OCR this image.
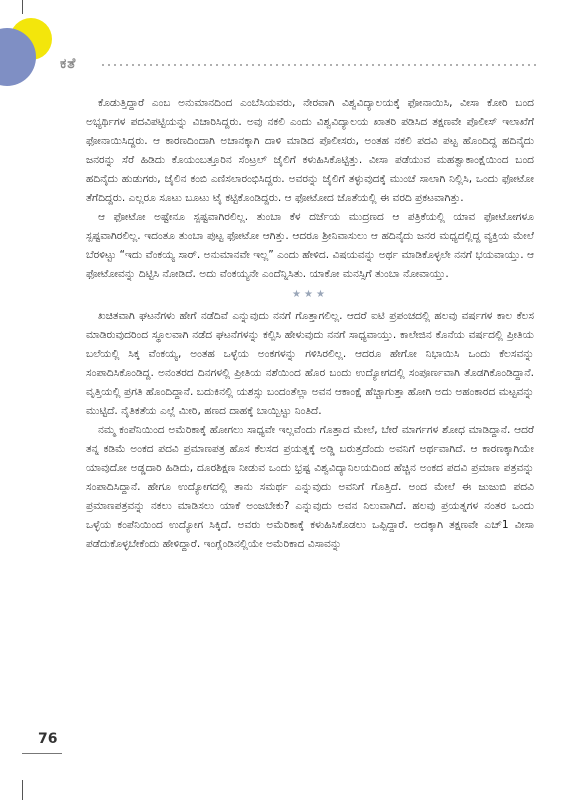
ಕತೆ

ಕೊಡುತ್ತಿದ್ದಾರೆ ಎಂಬ ಅನುಮಾನದಿಂದ ಎಂಬೆಸಿಯವರು, ನೇರವಾಗಿ ವಿಶ್ವವಿದ್ಯಾಲಯಕ್ಕೆ ಫೋನಾಯಿಸಿ, ವೀಸಾ ಕೋರಿ ಬಂದ ಅಭ್ಯರ್ಥಿಗಳ ಪದವಿಪಟ್ಟಿಯನ್ನು ವಿಚಾರಿಸಿದ್ದರು. ಅವು ನಕಲಿ ಎಂದು ವಿಶ್ವವಿದ್ಯಾಲಯ ಖಾತರಿ ಪಡಿಸಿದ ತಕ್ಷಣವೇ ಪೊಲೀಸ್ ಇಲಾಖೆಗೆ ಫೋನಾಯಿಸಿದ್ದರು. ಆ ಕಾರಣದಿಂದಾಗಿ ಅಚಾನಕ್ಕಾಗಿ ದಾಳಿ ಮಾಡಿದ ಪೊಲೀಸರು, ಅಂತಹ ನಕಲಿ ಪದವಿ ಪಟ್ಟ ಹೊಂದಿದ್ದ ಹದಿನೈದು ಜನರನ್ನು ಸೆರೆ ಹಿಡಿದು ಕೊಯಂಬತ್ತೂರಿನ ಸೆಂಟ್ರಲ್ ಜೈಲಿಗೆ ಕಳುಹಿಸಿಕೊಟ್ಟಿತ್ತು. ವೀಸಾ ಪಡೆಯುವ ಮಹತ್ವಾಕಾಂಕ್ಷೆಯಿಂದ ಬಂದ ಹದಿನೈದು ಹುಡುಗರು, ಜೈಲಿನ ಕಂಬಿ ಎಣಿಸಲಾರಂಭಿಸಿದ್ದರು. ಅವರನ್ನು ಜೈಲಿಗೆ ತಳ್ಳುವುದಕ್ಕೆ ಮುಂಚೆ ಸಾಲಾಗಿ ನಿಲ್ಲಿಸಿ, ಒಂದು ಫೋಟೋ ತೆಗೆದಿದ್ದರು. ಎಲ್ಲರೂ ಸೂಟು ಬೂಟು ಟೈ ಕಟ್ಟಿಕೊಂಡಿದ್ದರು. ಆ ಫೋಟೋದ ಜೊತೆಯಲ್ಲಿ ಈ ವರದಿ ಪ್ರಕಟವಾಗಿತ್ತು.

ಆ ಫೋಟೋ ಅಷ್ಟೇನೂ ಸ್ಪಷ್ಟವಾಗಿರಲಿಲ್ಲ. ತುಂಬಾ ಕೆಳ ದರ್ಜೆಯ ಮುದ್ರಣದ ಆ ಪತ್ರಿಕೆಯಲ್ಲಿ ಯಾವ ಫೋಟೋಗಳೂ ಸ್ಪಷ್ಟವಾಗಿರಲಿಲ್ಲ. ಇದಂತೂ ತುಂಬಾ ಪುಟ್ಟ ಫೋಟೋ ಆಗಿತ್ತು. ಆದರೂ ಶ್ರೀನಿವಾಸುಲು ಆ ಹದಿನೈದು ಜನರ ಮಧ್ಯದಲ್ಲಿದ್ದ ವ್ಯಕ್ತಿಯ ಮೇಲೆ ಬೆರಳಿಟ್ಟು “ಇದು ವೆಂಕಯ್ಯ ಸಾರ್. ಅನುಮಾನವೇ ಇಲ್ಲ” ಎಂದು ಹೇಳಿದ. ವಿಷಯವನ್ನು ಅರ್ಥ ಮಾಡಿಕೊಳ್ಳಲೇ ನನಗೆ ಭಯವಾಯ್ತು. ಆ ಫೋಟೋವನ್ನು ದಿಟ್ಟಿಸಿ ನೋಡಿದೆ. ಅದು ವೆಂಕಯ್ಯನೇ ಎಂದೆನ್ನಿಸಿತು. ಯಾಕೋ ಮನಸ್ಸಿಗೆ ತುಂಬಾ ನೋವಾಯ್ತು.

★★★

ಖಚಿತವಾಗಿ ಘಟನೆಗಳು ಹೇಗೆ ನಡೆದಿವೆ ಎನ್ನುವುದು ನನಗೆ ಗೊತ್ತಾಗಲಿಲ್ಲ. ಆದರೆ ಐಟಿ ಪ್ರಪಂಚದಲ್ಲಿ ಹಲವು ವರ್ಷಗಳ ಕಾಲ ಕೆಲಸ ಮಾಡಿರುವುದರಿಂದ ಸ್ಥೂಲವಾಗಿ ನಡೆದ ಘಟನೆಗಳನ್ನು ಕಲ್ಪಿಸಿ ಹೇಳುವುದು ನನಗೆ ಸಾಧ್ಯವಾಯ್ತು. ಕಾಲೇಜಿನ ಕೊನೆಯ ವರ್ಷದಲ್ಲಿ ಪ್ರೀತಿಯ ಬಲೆಯಲ್ಲಿ ಸಿಕ್ಕ ವೆಂಕಯ್ಯ, ಅಂತಹ ಒಳ್ಳೆಯ ಅಂಕಗಳನ್ನು ಗಳಿಸಿರಲಿಲ್ಲ. ಆದರೂ ಹೇಗೋ ನಿಭಾಯಿಸಿ ಒಂದು ಕೆಲಸವನ್ನು ಸಂಪಾದಿಸಿಕೊಂಡಿದ್ದ. ಅನಂತರದ ದಿನಗಳಲ್ಲಿ ಪ್ರೀತಿಯ ನಶೆಯಿಂದ ಹೊರ ಬಂದು ಉದ್ಯೋಗದಲ್ಲಿ ಸಂಪೂರ್ಣವಾಗಿ ತೊಡಗಿಕೊಂಡಿದ್ದಾನೆ. ವೃತ್ತಿಯಲ್ಲಿ ಪ್ರಗತಿ ಹೊಂದಿದ್ದಾನೆ. ಬದುಕಿನಲ್ಲಿ ಯಶಸ್ಸು ಬಂದಂತೆಲ್ಲಾ ಅವನ ಆಕಾಂಕ್ಷೆ ಹೆಚ್ಚಾಗುತ್ತಾ ಹೋಗಿ ಅದು ಅಹಂಕಾರದ ಮಟ್ಟವನ್ನು ಮುಟ್ಟಿದೆ. ನೈತಿಕತೆಯ ಎಲ್ಲೆ ಮೀರಿ, ಹಣದ ದಾಹಕ್ಕೆ ಬಾಯ್ಬಿಟ್ಟು ನಿಂತಿದೆ.

ನಮ್ಮ ಕಂಪೆನಿಯಿಂದ ಅಮೆರಿಕಾಕ್ಕೆ ಹೋಗಲು ಸಾಧ್ಯವೇ ಇಲ್ಲವೆಂದು ಗೊತ್ತಾದ ಮೇಲೆ, ಬೇರೆ ಮಾರ್ಗಗಳ ಶೋಧ ಮಾಡಿದ್ದಾನೆ. ಆದರೆ ತನ್ನ ಕಡಿಮೆ ಅಂಕದ ಪದವಿ ಪ್ರಮಾಣಪತ್ರ ಹೊಸ ಕೆಲಸದ ಪ್ರಯತ್ನಕ್ಕೆ ಅಡ್ಡಿ ಬರುತ್ತದೆಂದು ಅವನಿಗೆ ಅರ್ಥವಾಗಿದೆ. ಆ ಕಾರಣಕ್ಕಾಗಿಯೇ ಯಾವುದೋ ಅಡ್ಡದಾರಿ ಹಿಡಿದು, ದೂರಶಿಕ್ಷಣ ನೀಡುವ ಒಂದು ಭ್ರಷ್ಟ ವಿಶ್ವವಿದ್ಯಾನಿಲಯದಿಂದ ಹೆಚ್ಚಿನ ಅಂಕದ ಪದವಿ ಪ್ರಮಾಣ ಪತ್ರವನ್ನು ಸಂಪಾದಿಸಿದ್ದಾನೆ. ಹೇಗೂ ಉದ್ಯೋಗದಲ್ಲಿ ತಾನು ಸಮರ್ಥ ಎನ್ನುವುದು ಅವನಿಗೆ ಗೊತ್ತಿದೆ. ಅಂದ ಮೇಲೆ ಈ ಜುಜುಬಿ ಪದವಿ ಪ್ರಮಾಣಪತ್ರವನ್ನು ನಕಲು ಮಾಡಿಸಲು ಯಾಕೆ ಅಂಜಬೇಕು? ಎನ್ನುವುದು ಅವನ ನಿಲುವಾಗಿದೆ. ಹಲವು ಪ್ರಯತ್ನಗಳ ನಂತರ ಒಂದು ಒಳ್ಳೆಯ ಕಂಪೆನಿಯಿಂದ ಉದ್ಯೋಗ ಸಿಕ್ಕಿದೆ. ಅವರು ಅಮೆರಿಕಾಕ್ಕೆ ಕಳುಹಿಸಿಕೊಡಲು ಒಪ್ಪಿದ್ದಾರೆ. ಅದಕ್ಕಾಗಿ ತಕ್ಷಣವೇ ಎಚ್1 ವೀಸಾ ಪಡೆದುಕೊಳ್ಳಬೇಕೆಂದು ಹೇಳಿದ್ದಾರೆ. ಇಂಗ್ಲೆಂಡಿನಲ್ಲಿಯೇ ಅಮೆರಿಕಾದ ವಿಸಾವನ್ನು

76
